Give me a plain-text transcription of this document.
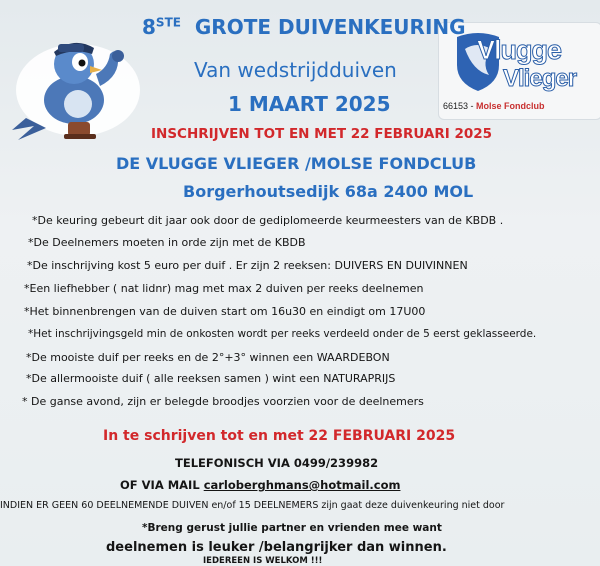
Vlugge
Vlieger
66153 - Molse Fondclub
8STE GROTE DUIVENKEURING
Van wedstrijdduiven
1 MAART 2025
INSCHRIJVEN TOT EN MET 22 FEBRUARI 2025
DE VLUGGE VLIEGER /MOLSE FONDCLUB
Borgerhoutsedijk 68a 2400 MOL
*De keuring gebeurt dit jaar ook door de gediplomeerde keurmeesters van de KBDB .
*De Deelnemers moeten in orde zijn met de KBDB
*De inschrijving kost 5 euro per duif . Er zijn 2 reeksen: DUIVERS EN DUIVINNEN
*Een liefhebber ( nat lidnr) mag met max 2 duiven per reeks deelnemen
*Het binnenbrengen van de duiven start om 16u30 en eindigt om 17U00
*Het inschrijvingsgeld min de onkosten wordt per reeks verdeeld onder de 5 eerst geklasseerde.
*De mooiste duif per reeks en de 2°+3° winnen een WAARDEBON
*De allermooiste duif ( alle reeksen samen ) wint een NATURAPRIJS
* De ganse avond, zijn er belegde broodjes voorzien voor de deelnemers
In te schrijven tot en met 22 FEBRUARI 2025
TELEFONISCH VIA 0499/239982
OF VIA MAIL carloberghmans@hotmail.com
INDIEN ER GEEN 60 DEELNEMENDE DUIVEN en/of 15 DEELNEMERS zijn gaat deze duivenkeuring niet door
*Breng gerust jullie partner en vrienden mee want
deelnemen is leuker /belangrijker dan winnen.
IEDEREEN IS WELKOM !!!
